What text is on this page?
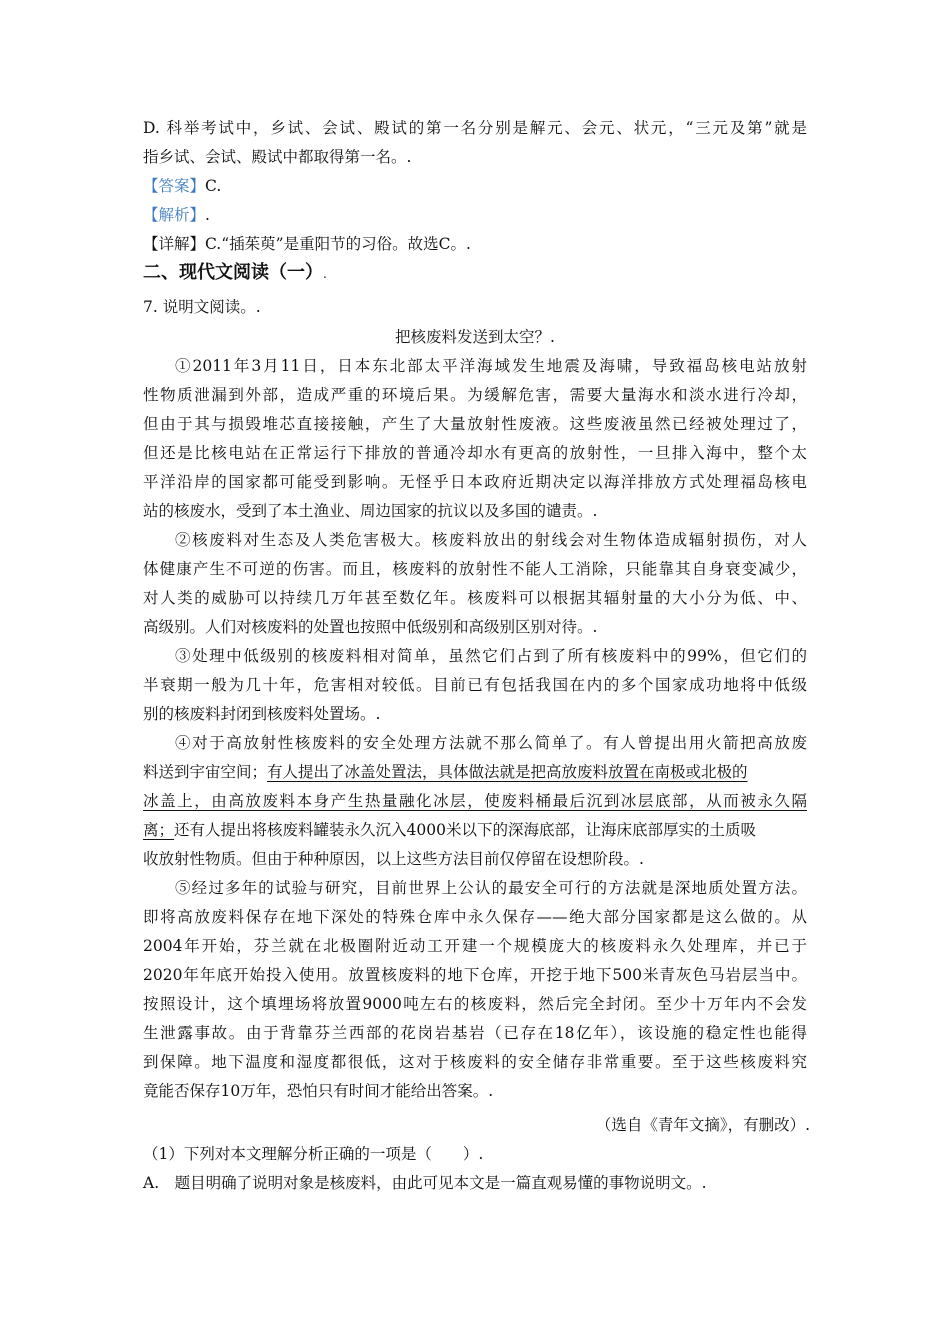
D. 科举考试中，乡试、会试、殿试的第一名分别是解元、会元、状元，“三元及第”就是
指乡试、会试、殿试中都取得第一名。.
【答案】C.
【解析】.
【详解】C.“插茱萸”是重阳节的习俗。故选C。.
二、现代文阅读（一）.
7. 说明文阅读。.
把核废料发送到太空？.
①2011年3月11日，日本东北部太平洋海域发生地震及海啸，导致福岛核电站放射
性物质泄漏到外部，造成严重的环境后果。为缓解危害，需要大量海水和淡水进行冷却，
但由于其与损毁堆芯直接接触，产生了大量放射性废液。这些废液虽然已经被处理过了，
但还是比核电站在正常运行下排放的普通冷却水有更高的放射性，一旦排入海中，整个太
平洋沿岸的国家都可能受到影响。无怪乎日本政府近期决定以海洋排放方式处理福岛核电
站的核废水，受到了本土渔业、周边国家的抗议以及多国的谴责。.
②核废料对生态及人类危害极大。核废料放出的射线会对生物体造成辐射损伤，对人
体健康产生不可逆的伤害。而且，核废料的放射性不能人工消除，只能靠其自身衰变减少，
对人类的威胁可以持续几万年甚至数亿年。核废料可以根据其辐射量的大小分为低、中、
高级别。人们对核废料的处置也按照中低级别和高级别区别对待。.
③处理中低级别的核废料相对简单，虽然它们占到了所有核废料中的99%，但它们的
半衰期一般为几十年，危害相对较低。目前已有包括我国在内的多个国家成功地将中低级
别的核废料封闭到核废料处置场。.
④对于高放射性核废料的安全处理方法就不那么简单了。有人曾提出用火箭把高放废
料送到宇宙空间；有人提出了冰盖处置法，具体做法就是把高放废料放置在南极或北极的
冰盖上，由高放废料本身产生热量融化冰层，使废料桶最后沉到冰层底部，从而被永久隔
离；还有人提出将核废料罐装永久沉入4000米以下的深海底部，让海床底部厚实的土质吸
收放射性物质。但由于种种原因，以上这些方法目前仅停留在设想阶段。.
⑤经过多年的试验与研究，目前世界上公认的最安全可行的方法就是深地质处置方法。
即将高放废料保存在地下深处的特殊仓库中永久保存——绝大部分国家都是这么做的。从
2004年开始，芬兰就在北极圈附近动工开建一个规模庞大的核废料永久处理库，并已于
2020年年底开始投入使用。放置核废料的地下仓库，开挖于地下500米青灰色马岩层当中。
按照设计，这个填埋场将放置9000吨左右的核废料，然后完全封闭。至少十万年内不会发
生泄露事故。由于背靠芬兰西部的花岗岩基岩（已存在18亿年），该设施的稳定性也能得
到保障。地下温度和湿度都很低，这对于核废料的安全储存非常重要。至于这些核废料究
竟能否保存10万年，恐怕只有时间才能给出答案。.
（选自《青年文摘》，有删改）.
（1）下列对本文理解分析正确的一项是（　　）.
A.　题目明确了说明对象是核废料，由此可见本文是一篇直观易懂的事物说明文。.
